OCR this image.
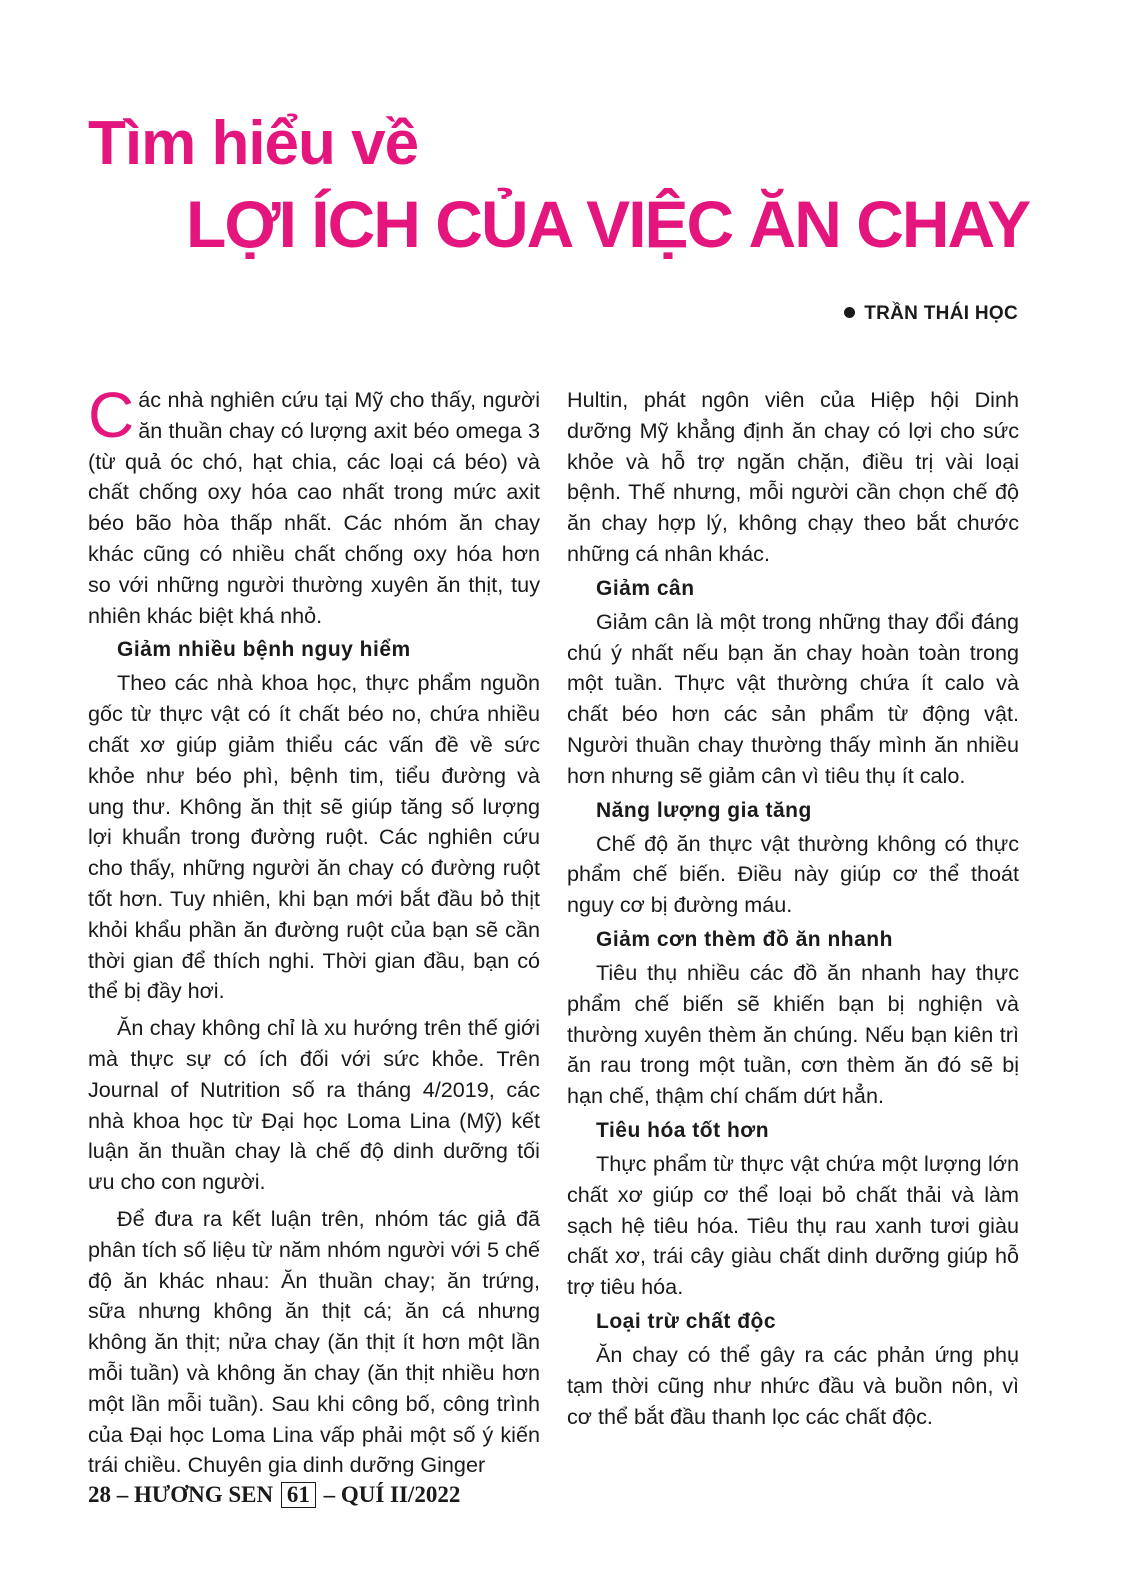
Tìm hiểu về
LỢI ÍCH CỦA VIỆC ĂN CHAY
TRẦN THÁI HỌC

Các nhà nghiên cứu tại Mỹ cho thấy, người ăn thuần chay có lượng axit béo omega 3 (từ quả óc chó, hạt chia, các loại cá béo) và chất chống oxy hóa cao nhất trong mức axit béo bão hòa thấp nhất. Các nhóm ăn chay khác cũng có nhiều chất chống oxy hóa hơn so với những người thường xuyên ăn thịt, tuy nhiên khác biệt khá nhỏ.

Giảm nhiều bệnh nguy hiểm

Theo các nhà khoa học, thực phẩm nguồn gốc từ thực vật có ít chất béo no, chứa nhiều chất xơ giúp giảm thiểu các vấn đề về sức khỏe như béo phì, bệnh tim, tiểu đường và ung thư. Không ăn thịt sẽ giúp tăng số lượng lợi khuẩn trong đường ruột. Các nghiên cứu cho thấy, những người ăn chay có đường ruột tốt hơn. Tuy nhiên, khi bạn mới bắt đầu bỏ thịt khỏi khẩu phần ăn đường ruột của bạn sẽ cần thời gian để thích nghi. Thời gian đầu, bạn có thể bị đầy hơi.

Ăn chay không chỉ là xu hướng trên thế giới mà thực sự có ích đối với sức khỏe. Trên Journal of Nutrition số ra tháng 4/2019, các nhà khoa học từ Đại học Loma Lina (Mỹ) kết luận ăn thuần chay là chế độ dinh dưỡng tối ưu cho con người.

Để đưa ra kết luận trên, nhóm tác giả đã phân tích số liệu từ năm nhóm người với 5 chế độ ăn khác nhau: Ăn thuần chay; ăn trứng, sữa nhưng không ăn thịt cá; ăn cá nhưng không ăn thịt; nửa chay (ăn thịt ít hơn một lần mỗi tuần) và không ăn chay (ăn thịt nhiều hơn một lần mỗi tuần). Sau khi công bố, công trình của Đại học Loma Lina vấp phải một số ý kiến trái chiều. Chuyên gia dinh dưỡng Ginger

Hultin, phát ngôn viên của Hiệp hội Dinh dưỡng Mỹ khẳng định ăn chay có lợi cho sức khỏe và hỗ trợ ngăn chặn, điều trị vài loại bệnh. Thế nhưng, mỗi người cần chọn chế độ ăn chay hợp lý, không chạy theo bắt chước những cá nhân khác.

Giảm cân

Giảm cân là một trong những thay đổi đáng chú ý nhất nếu bạn ăn chay hoàn toàn trong một tuần. Thực vật thường chứa ít calo và chất béo hơn các sản phẩm từ động vật. Người thuần chay thường thấy mình ăn nhiều hơn nhưng sẽ giảm cân vì tiêu thụ ít calo.

Năng lượng gia tăng

Chế độ ăn thực vật thường không có thực phẩm chế biến. Điều này giúp cơ thể thoát nguy cơ bị đường máu.

Giảm cơn thèm đồ ăn nhanh

Tiêu thụ nhiều các đồ ăn nhanh hay thực phẩm chế biến sẽ khiến bạn bị nghiện và thường xuyên thèm ăn chúng. Nếu bạn kiên trì ăn rau trong một tuần, cơn thèm ăn đó sẽ bị hạn chế, thậm chí chấm dứt hẳn.

Tiêu hóa tốt hơn

Thực phẩm từ thực vật chứa một lượng lớn chất xơ giúp cơ thể loại bỏ chất thải và làm sạch hệ tiêu hóa. Tiêu thụ rau xanh tươi giàu chất xơ, trái cây giàu chất dinh dưỡng giúp hỗ trợ tiêu hóa.

Loại trừ chất độc

Ăn chay có thể gây ra các phản ứng phụ tạm thời cũng như nhức đầu và buồn nôn, vì cơ thể bắt đầu thanh lọc các chất độc.

28 – HƯƠNG SEN 61 – QUÍ II/2022
